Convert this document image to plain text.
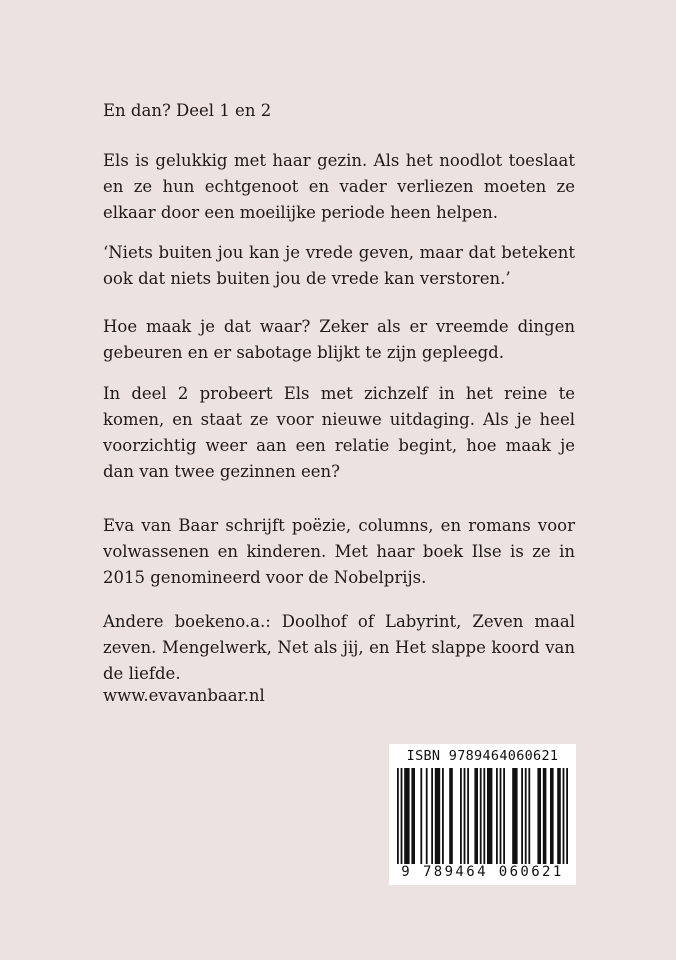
En dan? Deel 1 en 2

Els is gelukkig met haar gezin. Als het noodlot toeslaat en ze hun echtgenoot en vader verliezen moeten ze elkaar door een moeilijke periode heen helpen.

‘Niets buiten jou kan je vrede geven, maar dat betekent ook dat niets buiten jou de vrede kan verstoren.’

Hoe maak je dat waar? Zeker als er vreemde dingen gebeuren en er sabotage blijkt te zijn gepleegd.

In deel 2 probeert Els met zichzelf in het reine te komen, en staat ze voor nieuwe uitdaging. Als je heel voorzichtig weer aan een relatie begint, hoe maak je dan van twee gezinnen een?

Eva van Baar schrijft poëzie, columns, en romans voor volwassenen en kinderen. Met haar boek Ilse is ze in 2015 genomineerd voor de Nobelprijs.

Andere boekeno.a.: Doolhof of Labyrint, Zeven maal zeven. Mengelwerk, Net als jij, en Het slappe koord van de liefde.

www.evavanbaar.nl

ISBN 9789464060621
9 789464 060621
